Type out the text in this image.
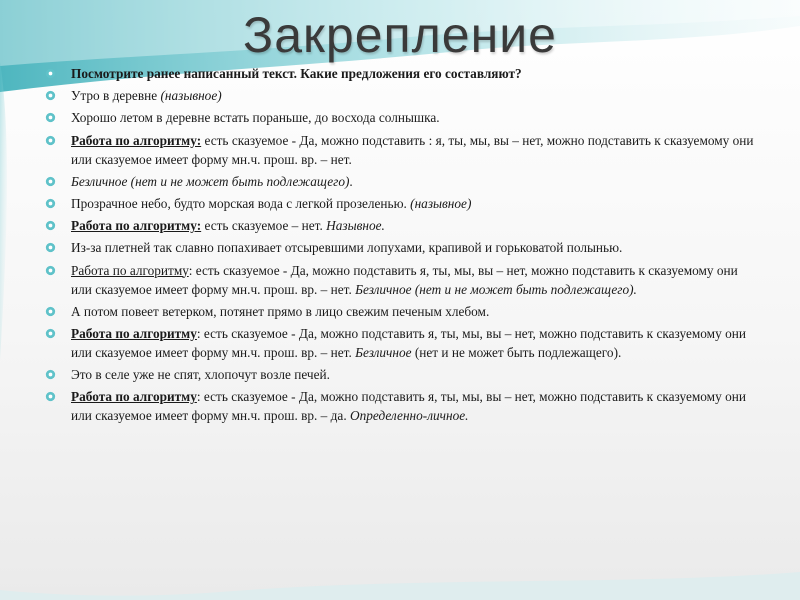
Закрепление
Посмотрите ранее написанный текст. Какие предложения его составляют?
Утро в деревне (назывное)
Хорошо летом в деревне встать пораньше, до восхода солнышка.
Работа по алгоритму: есть сказуемое - Да, можно подставить : я, ты, мы, вы – нет, можно подставить к сказуемому они или сказуемое имеет форму мн.ч. прош. вр. – нет.
Безличное (нет и не может быть подлежащего).
Прозрачное небо, будто морская вода с легкой прозеленью. (назывное)
Работа по алгоритму: есть сказуемое – нет. Назывное.
Из-за плетней так славно попахивает отсыревшими лопухами, крапивой и горьковатой полынью.
Работа по алгоритму: есть сказуемое - Да, можно подставить я, ты, мы, вы – нет, можно подставить к сказуемому они или сказуемое имеет форму мн.ч. прош. вр. – нет. Безличное (нет и не может быть подлежащего).
А потом повеет ветерком, потянет прямо в лицо свежим печеным хлебом.
Работа по алгоритму: есть сказуемое - Да, можно подставить я, ты, мы, вы – нет, можно подставить к сказуемому они или сказуемое имеет форму мн.ч. прош. вр. – нет. Безличное (нет и не может быть подлежащего).
Это в селе уже не спят, хлопочут возле печей.
Работа по алгоритму: есть сказуемое - Да, можно подставить я, ты, мы, вы – нет, можно подставить к сказуемому они или сказуемое имеет форму мн.ч. прош. вр. – да. Определенно-личное.
